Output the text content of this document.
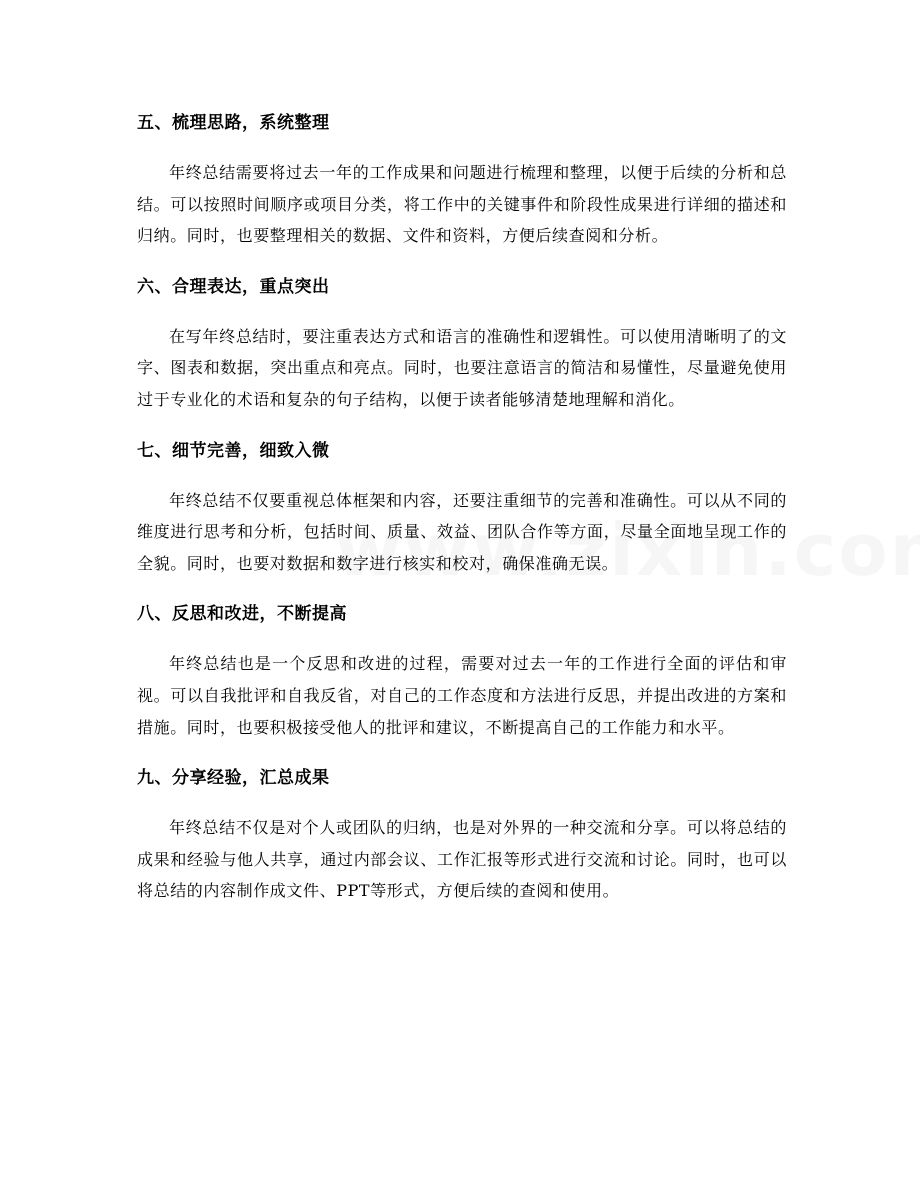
五、梳理思路，系统整理

年终总结需要将过去一年的工作成果和问题进行梳理和整理，以便于后续的分析和总结。可以按照时间顺序或项目分类，将工作中的关键事件和阶段性成果进行详细的描述和归纳。同时，也要整理相关的数据、文件和资料，方便后续查阅和分析。

六、合理表达，重点突出

在写年终总结时，要注重表达方式和语言的准确性和逻辑性。可以使用清晰明了的文字、图表和数据，突出重点和亮点。同时，也要注意语言的简洁和易懂性，尽量避免使用过于专业化的术语和复杂的句子结构，以便于读者能够清楚地理解和消化。

七、细节完善，细致入微

年终总结不仅要重视总体框架和内容，还要注重细节的完善和准确性。可以从不同的维度进行思考和分析，包括时间、质量、效益、团队合作等方面，尽量全面地呈现工作的全貌。同时，也要对数据和数字进行核实和校对，确保准确无误。

八、反思和改进，不断提高

年终总结也是一个反思和改进的过程，需要对过去一年的工作进行全面的评估和审视。可以自我批评和自我反省，对自己的工作态度和方法进行反思，并提出改进的方案和措施。同时，也要积极接受他人的批评和建议，不断提高自己的工作能力和水平。

九、分享经验，汇总成果

年终总结不仅是对个人或团队的归纳，也是对外界的一种交流和分享。可以将总结的成果和经验与他人共享，通过内部会议、工作汇报等形式进行交流和讨论。同时，也可以将总结的内容制作成文件、PPT等形式，方便后续的查阅和使用。
